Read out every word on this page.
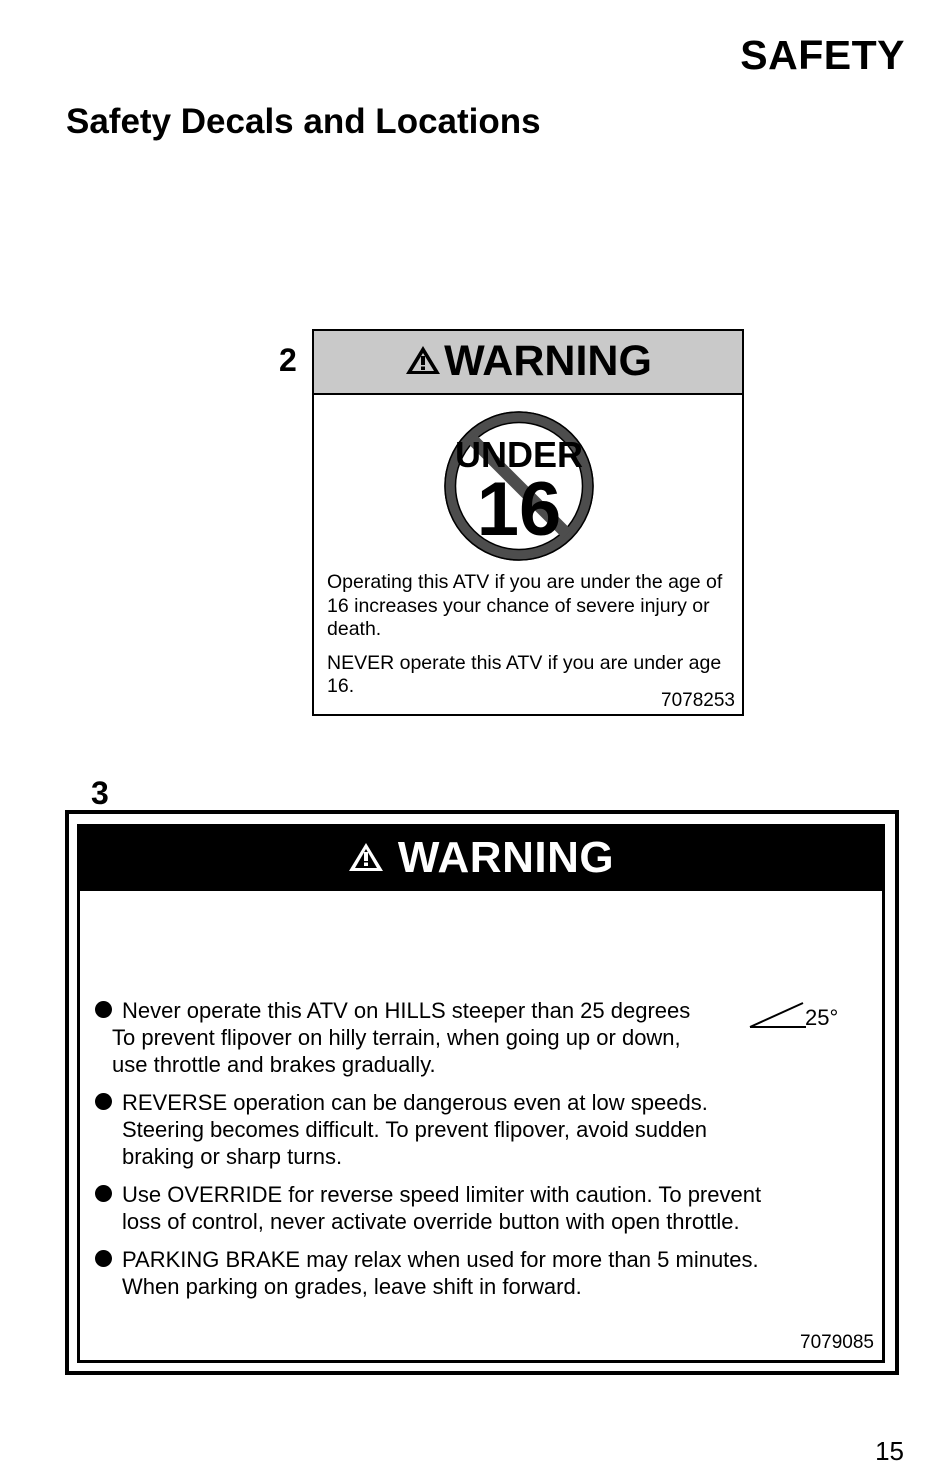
SAFETY
Safety Decals and Locations
2	WARNING
UNDER
16

Operating this ATV if you are under the age of 16 increases your chance of severe injury or death.

NEVER operate this ATV if you are under age 16.

7078253
3
WARNING
25°
Never operate this ATV on HILLS steeper than 25 degrees
To prevent flipover on hilly terrain, when going up or down,
use throttle and brakes gradually.
REVERSE operation can be dangerous even at low speeds.
Steering becomes difficult. To prevent flipover, avoid sudden
braking or sharp turns.
Use OVERRIDE for reverse speed limiter with caution. To prevent
loss of control, never activate override button with open throttle.
PARKING BRAKE may relax when used for more than 5 minutes.
When parking on grades, leave shift in forward.
7079085
15
